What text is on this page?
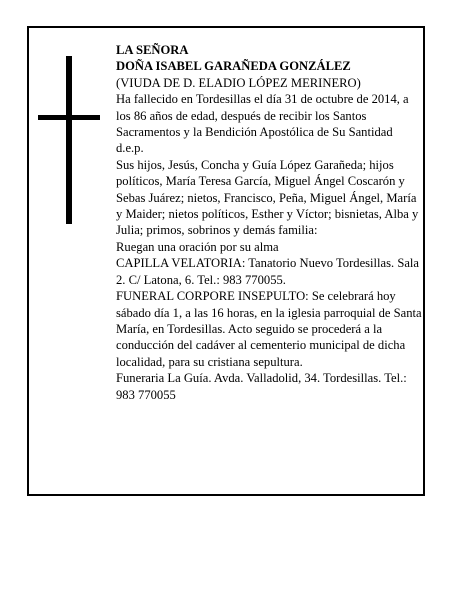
LA SEÑORA

DOÑA ISABEL GARAÑEDA GONZÁLEZ

(VIUDA DE D. ELADIO LÓPEZ MERINERO)

Ha fallecido en Tordesillas el día 31 de octubre de 2014, a los 86 años de edad, después de recibir los Santos Sacramentos y la Bendición Apostólica de Su Santidad

d.e.p.

Sus hijos, Jesús, Concha y Guía López Garañeda; hijos políticos, María Teresa García, Miguel Ángel Coscarón y Sebas Juárez; nietos, Francisco, Peña, Miguel Ángel, María y Maider; nietos políticos, Esther y Víctor; bisnietas, Alba y Julia; primos, sobrinos y demás familia:

Ruegan una oración por su alma

CAPILLA VELATORIA: Tanatorio Nuevo Tordesillas. Sala 2. C/ Latona, 6. Tel.: 983 770055.

FUNERAL CORPORE INSEPULTO: Se celebrará hoy sábado día 1, a las 16 horas, en la iglesia parroquial de Santa María, en Tordesillas. Acto seguido se procederá a la conducción del cadáver al cementerio municipal de dicha localidad, para su cristiana sepultura.

Funeraria La Guía. Avda. Valladolid, 34. Tordesillas. Tel.: 983 770055
